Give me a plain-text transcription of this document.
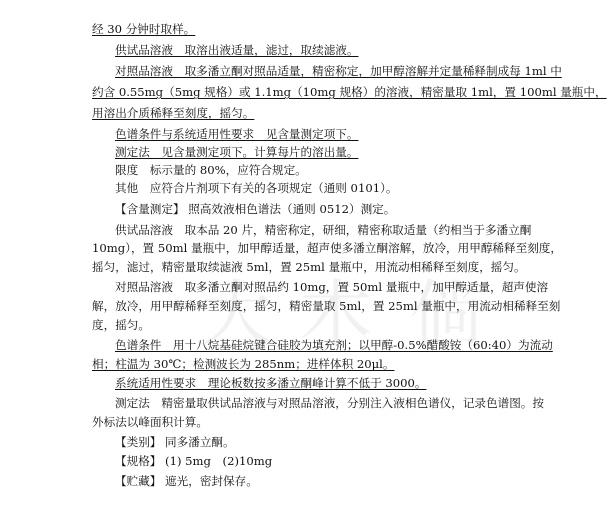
大 木 倘
经 30 分钟时取样。
供试品溶液　取溶出液适量，滤过，取续滤液。
对照品溶液　取多潘立酮对照品适量，精密称定，加甲醇溶解并定量稀释制成每 1ml 中
约含 0.55mg（5mg 规格）或 1.1mg（10mg 规格）的溶液，精密量取 1ml，置 100ml 量瓶中，
用溶出介质稀释至刻度，摇匀。
色谱条件与系统适用性要求　见含量测定项下。
测定法　见含量测定项下。计算每片的溶出量。
限度　标示量的 80%，应符合规定。
其他　应符合片剂项下有关的各项规定（通则 0101）。
【含量测定】 照高效液相色谱法（通则 0512）测定。
供试品溶液　取本品 20 片，精密称定，研细，精密称取适量（约相当于多潘立酮
10mg），置 50ml 量瓶中，加甲醇适量，超声使多潘立酮溶解，放冷，用甲醇稀释至刻度，
摇匀，滤过，精密量取续滤液 5ml，置 25ml 量瓶中，用流动相稀释至刻度，摇匀。
对照品溶液　取多潘立酮对照品约 10mg，置 50ml 量瓶中，加甲醇适量，超声使溶
解，放冷，用甲醇稀释至刻度，摇匀，精密量取 5ml，置 25ml 量瓶中，用流动相稀释至刻
度，摇匀。
色谱条件　用十八烷基硅烷键合硅胶为填充剂；以甲醇-0.5%醋酸铵（60:40）为流动
相；柱温为 30℃；检测波长为 285nm；进样体积 20μl。
系统适用性要求　理论板数按多潘立酮峰计算不低于 3000。
测定法　精密量取供试品溶液与对照品溶液，分别注入液相色谱仪，记录色谱图。按
外标法以峰面积计算。
【类别】 同多潘立酮。
【规格】 (1) 5mg　(2)10mg
【贮藏】 遮光，密封保存。
